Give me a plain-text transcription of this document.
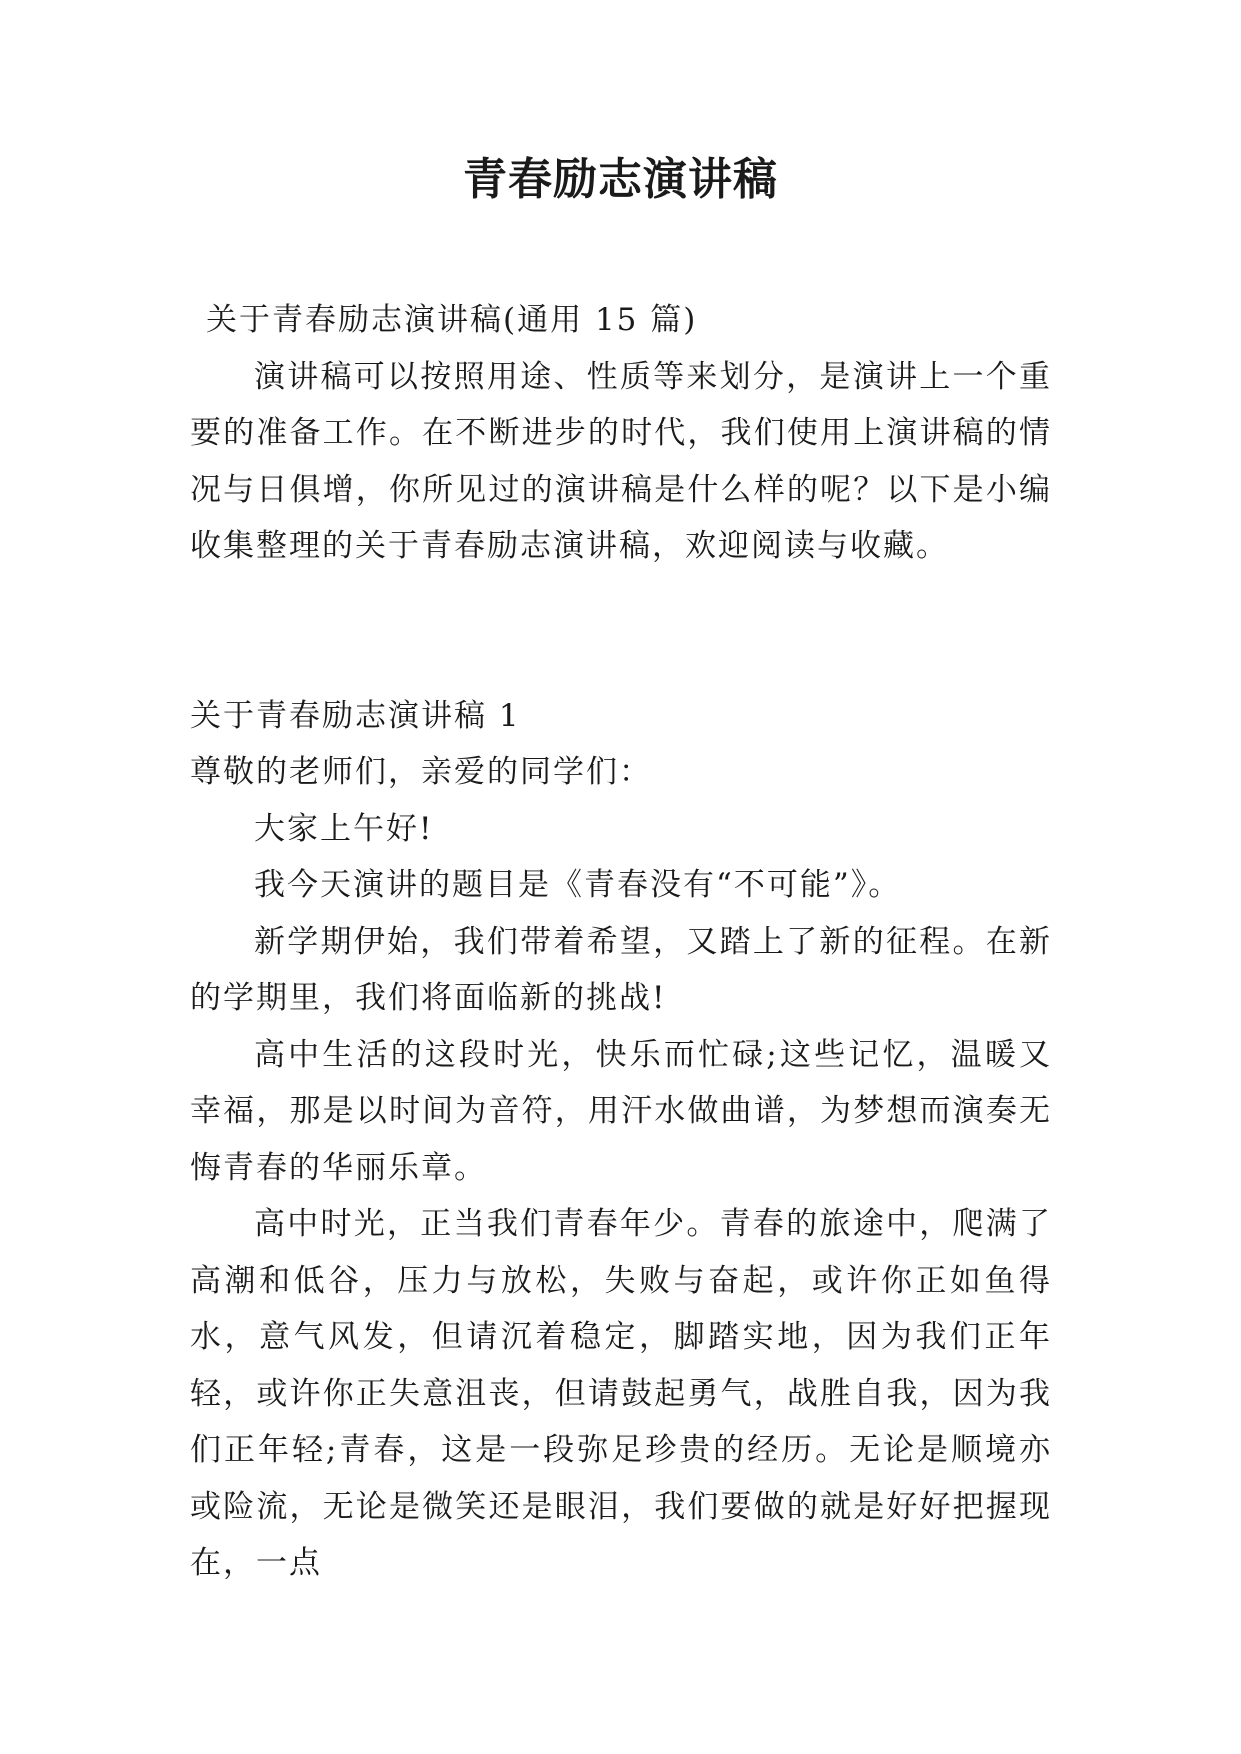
青春励志演讲稿

关于青春励志演讲稿(通用 15 篇)

演讲稿可以按照用途、性质等来划分，是演讲上一个重要的准备工作。在不断进步的时代，我们使用上演讲稿的情况与日俱增，你所见过的演讲稿是什么样的呢？以下是小编收集整理的关于青春励志演讲稿，欢迎阅读与收藏。

关于青春励志演讲稿 1

尊敬的老师们，亲爱的同学们：

大家上午好!

我今天演讲的题目是《青春没有“不可能”》。

新学期伊始，我们带着希望，又踏上了新的征程。在新的学期里，我们将面临新的挑战!

高中生活的这段时光，快乐而忙碌;这些记忆，温暖又幸福，那是以时间为音符，用汗水做曲谱，为梦想而演奏无悔青春的华丽乐章。

高中时光，正当我们青春年少。青春的旅途中，爬满了高潮和低谷，压力与放松，失败与奋起，或许你正如鱼得水，意气风发，但请沉着稳定，脚踏实地，因为我们正年轻，或许你正失意沮丧，但请鼓起勇气，战胜自我，因为我们正年轻;青春，这是一段弥足珍贵的经历。无论是顺境亦或险流，无论是微笑还是眼泪，我们要做的就是好好把握现在，一点
